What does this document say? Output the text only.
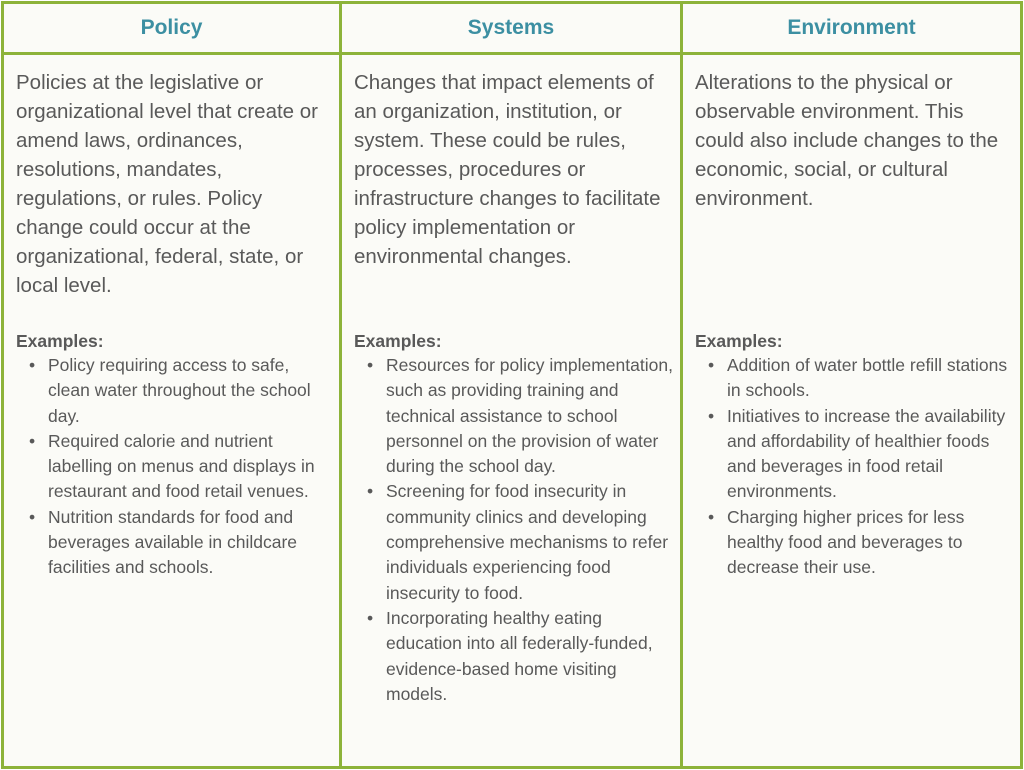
Policy
Policies at the legislative or organizational level that create or amend laws, ordinances, resolutions, mandates, regulations, or rules. Policy change could occur at the organizational, federal, state, or local level.
Examples:
• Policy requiring access to safe, clean water throughout the school day.
• Required calorie and nutrient labelling on menus and displays in restaurant and food retail venues.
• Nutrition standards for food and beverages available in childcare facilities and schools.
Systems
Changes that impact elements of an organization, institution, or system. These could be rules, processes, procedures or infrastructure changes to facilitate policy implementation or environmental changes.
Examples:
• Resources for policy implementation, such as providing training and technical assistance to school personnel on the provision of water during the school day.
• Screening for food insecurity in community clinics and developing comprehensive mechanisms to refer individuals experiencing food insecurity to food.
• Incorporating healthy eating education into all federally-funded, evidence-based home visiting models.
Environment
Alterations to the physical or observable environment. This could also include changes to the economic, social, or cultural environment.
Examples:
• Addition of water bottle refill stations in schools.
• Initiatives to increase the availability and affordability of healthier foods and beverages in food retail environments.
• Charging higher prices for less healthy food and beverages to decrease their use.
